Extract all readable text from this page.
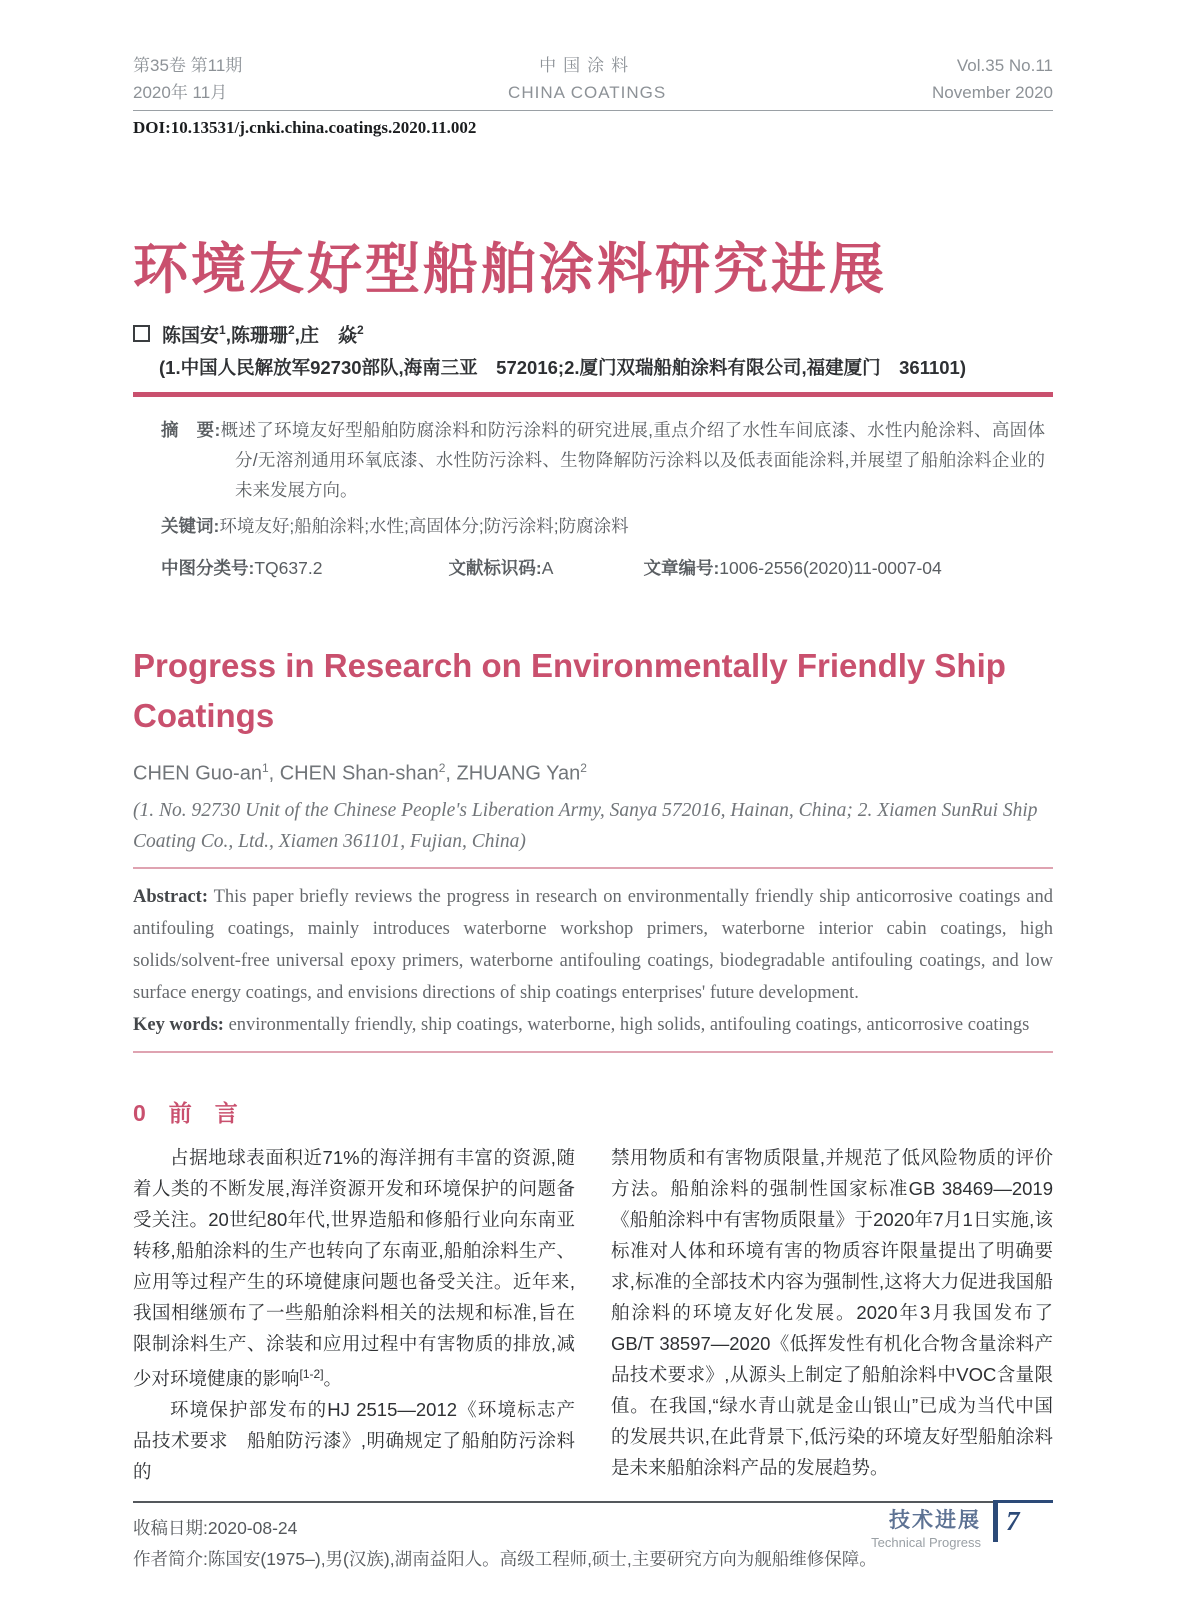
第35卷 第11期
2020年 11月
中国涂料
CHINA COATINGS
Vol.35 No.11
November 2020
DOI:10.13531/j.cnki.china.coatings.2020.11.002
环境友好型船舶涂料研究进展
陈国安$^1$,陈珊珊$^2$,庄　焱$^2$
(1.中国人民解放军92730部队,海南三亚　572016;2.厦门双瑞船舶涂料有限公司,福建厦门　361101)
摘　要:概述了环境友好型船舶防腐涂料和防污涂料的研究进展,重点介绍了水性车间底漆、水性内舱涂料、高固体分/无溶剂通用环氧底漆、水性防污涂料、生物降解防污涂料以及低表面能涂料,并展望了船舶涂料企业的未来发展方向。
关键词:环境友好;船舶涂料;水性;高固体分;防污涂料;防腐涂料
中图分类号:TQ637.2	文献标识码:A	文章编号:1006-2556(2020)11-0007-04
Progress in Research on Environmentally Friendly Ship
Coatings
CHEN Guo-$an^1$, CHEN Shan-shan$^2$, ZHUANG Yan$^2$
(1. No. 92730 Unit of the Chinese People's Liberation Army, Sanya 572016, Hainan, China; 2. Xiamen SunRui Ship Coating Co., Ltd., Xiamen 361101, Fujian, China)
Abstract: This paper briefly reviews the progress in research on environmentally friendly ship anticorrosive coatings and antifouling coatings, mainly introduces waterborne workshop primers, waterborne interior cabin coatings, high solids/solvent-free universal epoxy primers, waterborne antifouling coatings, biodegradable antifouling coatings, and low surface energy coatings, and envisions directions of ship coatings enterprises' future development.
Key words: environmentally friendly, ship coatings, waterborne, high solids, antifouling coatings, anticorrosive coatings
0　前　言

占据地球表面积近71%的海洋拥有丰富的资源,随着人类的不断发展,海洋资源开发和环境保护的问题备受关注。20世纪80年代,世界造船和修船行业向东南亚转移,船舶涂料的生产也转向了东南亚,船舶涂料生产、应用等过程产生的环境健康问题也备受关注。近年来,我国相继颁布了一些船舶涂料相关的法规和标准,旨在限制涂料生产、涂装和应用过程中有害物质的排放,减少对环境健康的影响[1-2]。

环境保护部发布的HJ 2515—2012《环境标志产品技术要求　船舶防污漆》,明确规定了船舶防污涂料的

禁用物质和有害物质限量,并规范了低风险物质的评价方法。船舶涂料的强制性国家标准GB 38469—2019《船舶涂料中有害物质限量》于2020年7月1日实施,该标准对人体和环境有害的物质容许限量提出了明确要求,标准的全部技术内容为强制性,这将大力促进我国船舶涂料的环境友好化发展。2020年3月我国发布了GB/T 38597—2020《低挥发性有机化合物含量涂料产品技术要求》,从源头上制定了船舶涂料中VOC含量限值。在我国,“绿水青山就是金山银山”已成为当代中国的发展共识,在此背景下,低污染的环境友好型船舶涂料是未来船舶涂料产品的发展趋势。

收稿日期:2020-08-24
作者简介:陈国安(1975–),男(汉族),湖南益阳人。高级工程师,硕士,主要研究方向为舰船维修保障。
技术进展
Technical Progress
7
